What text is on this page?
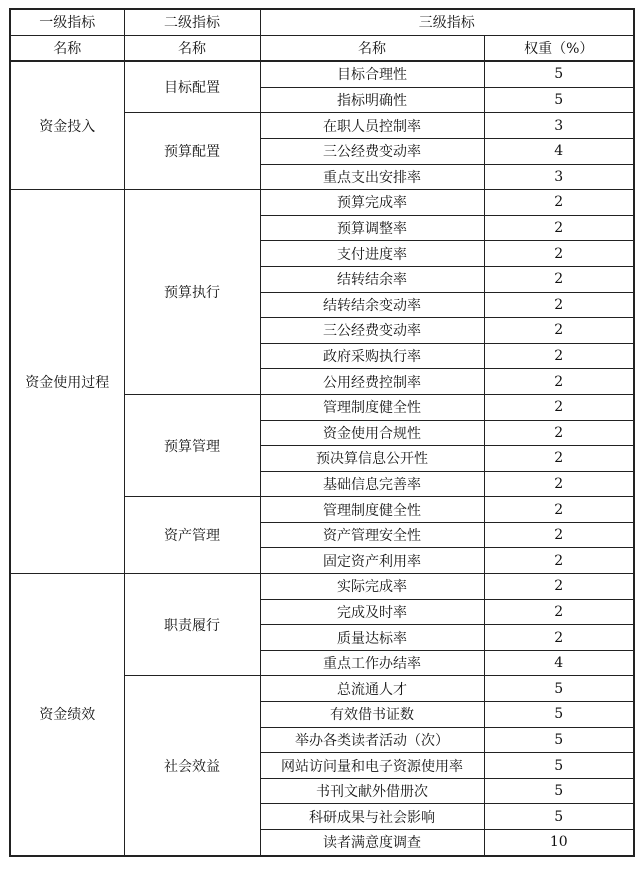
一级指标	二级指标	三级指标	
名称	名称	名称	权重（%）
资金投入	目标配置	目标合理性	5
		指标明确性	5
	预算配置	在职人员控制率	3
		三公经费变动率	4
		重点支出安排率	3
资金使用过程	预算执行	预算完成率	2
		预算调整率	2
		支付进度率	2
		结转结余率	2
		结转结余变动率	2
		三公经费变动率	2
		政府采购执行率	2
		公用经费控制率	2
	预算管理	管理制度健全性	2
		资金使用合规性	2
		预决算信息公开性	2
		基础信息完善率	2
	资产管理	管理制度健全性	2
		资产管理安全性	2
		固定资产利用率	2
资金绩效	职责履行	实际完成率	2
		完成及时率	2
		质量达标率	2
		重点工作办结率	4
	社会效益	总流通人才	5
		有效借书证数	5
		举办各类读者活动（次）	5
		网站访问量和电子资源使用率	5
		书刊文献外借册次	5
		科研成果与社会影响	5
		读者满意度调查	10
